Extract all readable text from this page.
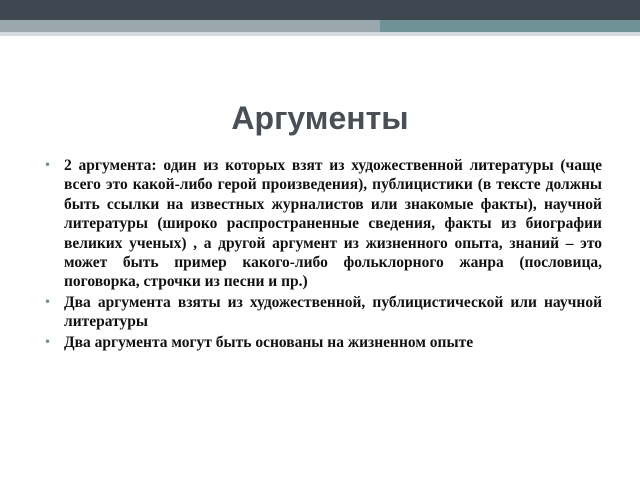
Аргументы
• 2 аргумента: один из которых взят из художественной литературы (чаще всего это какой-либо герой произведения), публицистики (в тексте должны быть ссылки на известных журналистов или знакомые факты), научной литературы (широко распространенные сведения, факты из биографии великих ученых) , а другой аргумент из жизненного опыта, знаний – это может быть пример какого-либо фольклорного жанра (пословица, поговорка, строчки из песни и пр.)
• Два аргумента взяты из художественной, публицистической или научной литературы
• Два аргумента могут быть основаны на жизненном опыте
